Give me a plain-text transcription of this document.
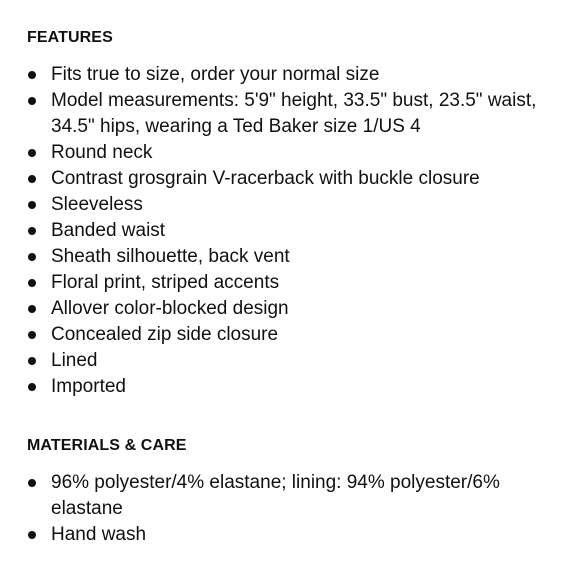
FEATURES
Fits true to size, order your normal size
Model measurements: 5'9" height, 33.5" bust, 23.5" waist, 34.5" hips, wearing a Ted Baker size 1/US 4
Round neck
Contrast grosgrain V-racerback with buckle closure
Sleeveless
Banded waist
Sheath silhouette, back vent
Floral print, striped accents
Allover color-blocked design
Concealed zip side closure
Lined
Imported
MATERIALS & CARE
96% polyester/4% elastane; lining: 94% polyester/6% elastane
Hand wash
